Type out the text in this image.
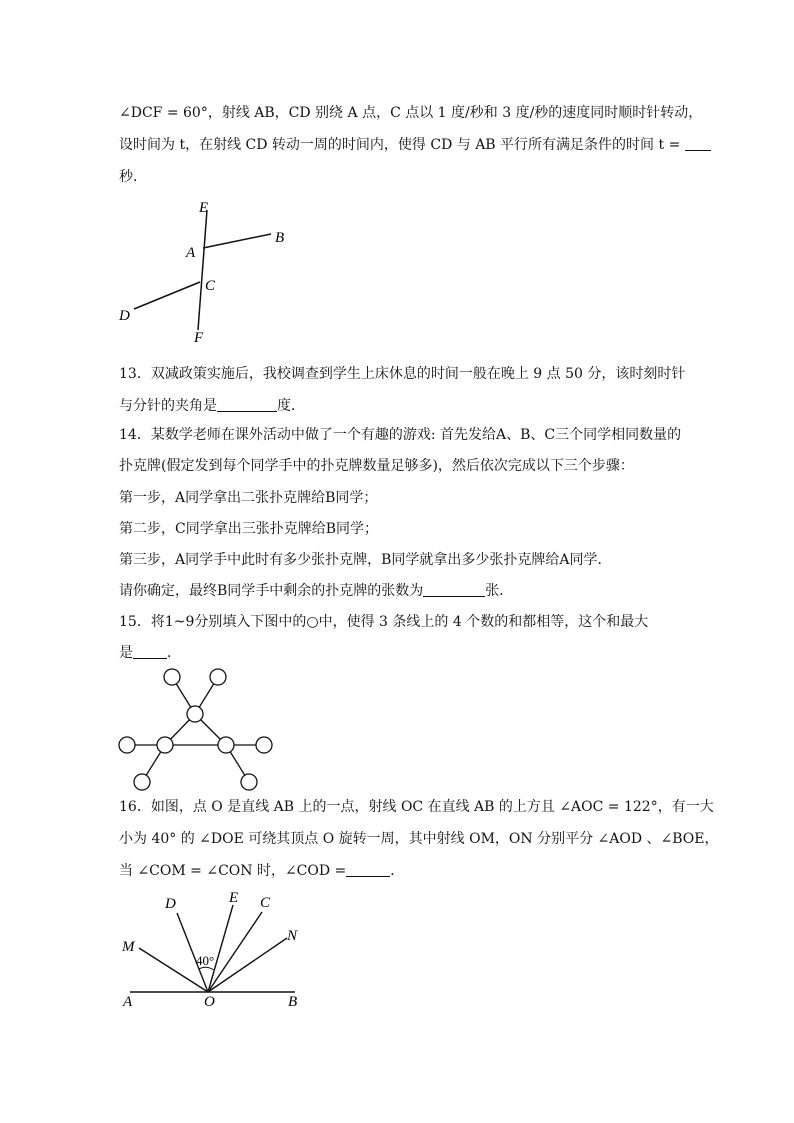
∠DCF = 60°，射线 AB，CD 别绕 A 点，C 点以 1 度/秒和 3 度/秒的速度同时顺时针转动，
设时间为 t，在射线 CD 转动一周的时间内，使得 CD 与 AB 平行所有满足条件的时间 t =
秒．
E
A
B
C
D
F
13．双减政策实施后，我校调查到学生上床休息的时间一般在晚上 9 点 50 分，该时刻时针
与分针的夹角是	度．
14．某数学老师在课外活动中做了一个有趣的游戏: 首先发给A、B、C三个同学相同数量的
扑克牌(假定发到每个同学手中的扑克牌数量足够多)，然后依次完成以下三个步骤：
第一步，A同学拿出二张扑克牌给B同学；
第二步，C同学拿出三张扑克牌给B同学；
第三步，A同学手中此时有多少张扑克牌，B同学就拿出多少张扑克牌给A同学．
请你确定，最终B同学手中剩余的扑克牌的张数为	张．
15．将1~9分别填入下图中的○中，使得 3 条线上的 4 个数的和都相等，这个和最大
是 ．
16．如图，点 O 是直线 AB 上的一点，射线 OC 在直线 AB 的上方且 ∠AOC = 122°，有一大
小为 40° 的 ∠DOE 可绕其顶点 O 旋转一周，其中射线 OM，ON 分别平分 ∠AOD 、∠BOE，
当 ∠COM = ∠CON 时，∠COD =	．
D	E C
M
N
40°
A	O	B
